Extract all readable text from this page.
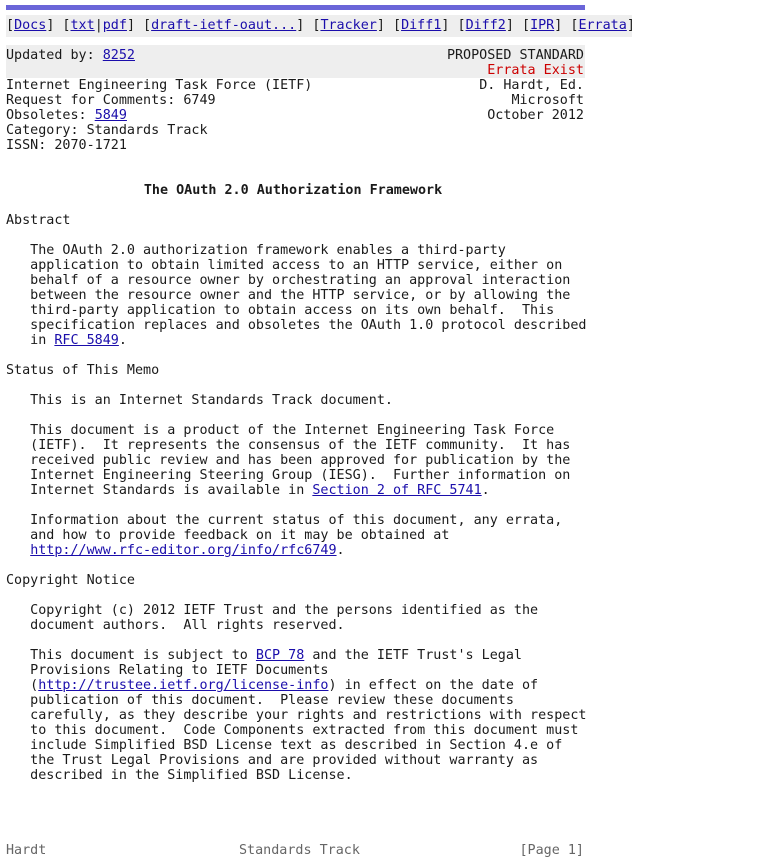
[Docs] [txt|pdf] [draft-ietf-oaut...] [Tracker] [Diff1] [Diff2] [IPR] [Errata]
Updated by: 8252	PROPOSED STANDARD
Errata Exist
Internet Engineering Task Force (IETF)
Request for Comments: 6749
Obsoletes: 5849
Category: Standards Track
ISSN: 2070-1721
D. Hardt, Ed.
Microsoft
October 2012
The OAuth 2.0 Authorization Framework
Abstract
The OAuth 2.0 authorization framework enables a third-party
application to obtain limited access to an HTTP service, either on
behalf of a resource owner by orchestrating an approval interaction
between the resource owner and the HTTP service, or by allowing the
third-party application to obtain access on its own behalf.  This
specification replaces and obsoletes the OAuth 1.0 protocol described
in RFC 5849.
Status of This Memo
This is an Internet Standards Track document.
This document is a product of the Internet Engineering Task Force
(IETF).  It represents the consensus of the IETF community.  It has
received public review and has been approved for publication by the
Internet Engineering Steering Group (IESG).  Further information on
Internet Standards is available in Section 2 of RFC 5741.
Information about the current status of this document, any errata,
and how to provide feedback on it may be obtained at
http://www.rfc-editor.org/info/rfc6749.
Copyright Notice
Copyright (c) 2012 IETF Trust and the persons identified as the
document authors.  All rights reserved.
This document is subject to BCP 78 and the IETF Trust's Legal
Provisions Relating to IETF Documents
(http://trustee.ietf.org/license-info) in effect on the date of
publication of this document.  Please review these documents
carefully, as they describe your rights and restrictions with respect
to this document.  Code Components extracted from this document must
include Simplified BSD License text as described in Section 4.e of
the Trust Legal Provisions and are provided without warranty as
described in the Simplified BSD License.
Hardt	Standards Track	[Page 1]
